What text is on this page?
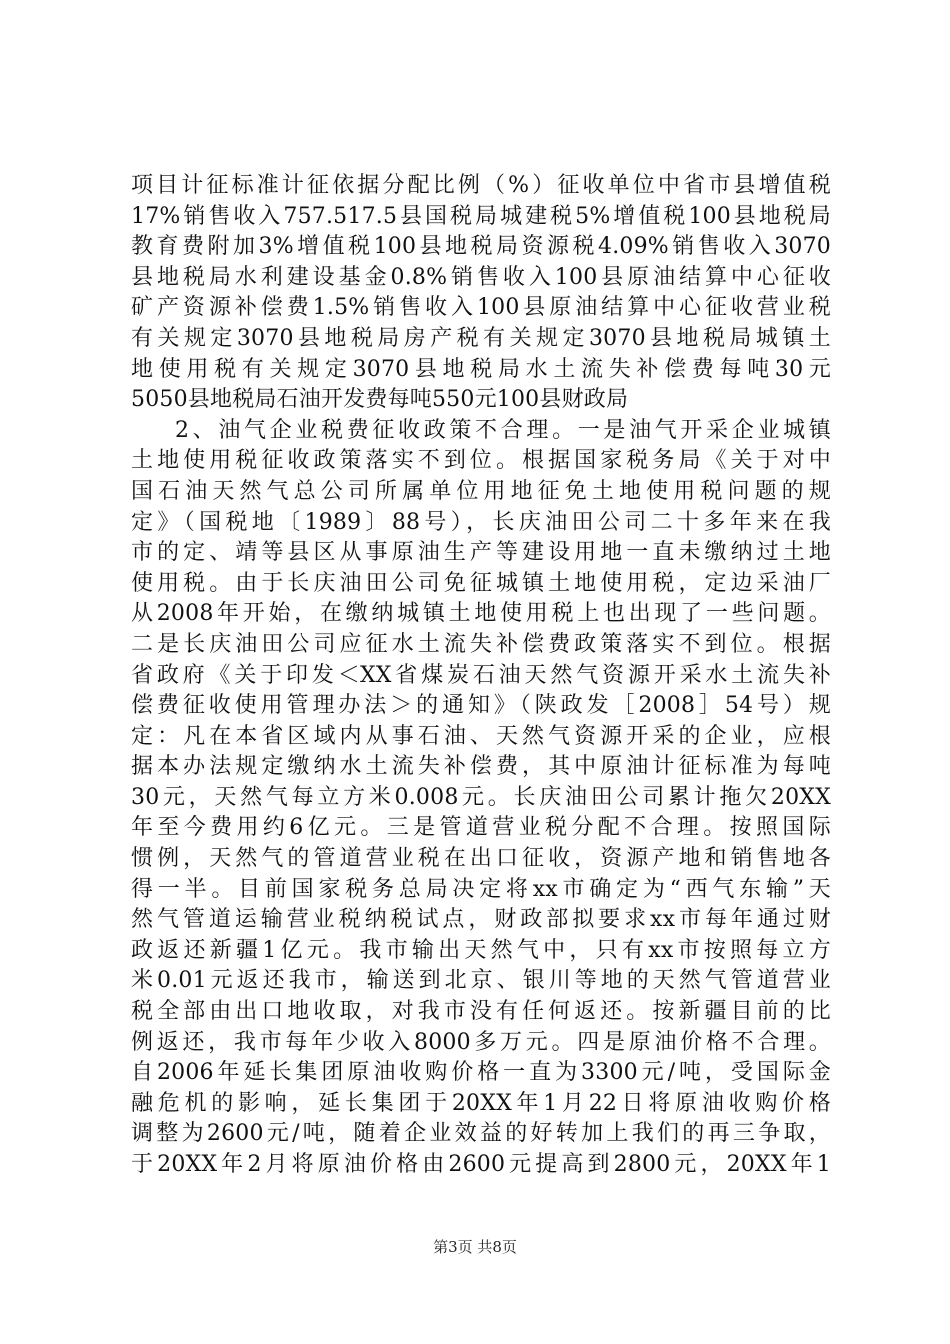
项目计征标准计征依据分配比例（%）征收单位中省市县增值税
17%销售收入757.517.5县国税局城建税5%增值税100县地税局
教育费附加3%增值税100县地税局资源税4.09%销售收入3070
县地税局水利建设基金0.8%销售收入100县原油结算中心征收
矿产资源补偿费1.5%销售收入100县原油结算中心征收营业税
有关规定3070县地税局房产税有关规定3070县地税局城镇土
地使用税有关规定3070县地税局水土流失补偿费每吨30元
5050县地税局石油开发费每吨550元100县财政局
2、油气企业税费征收政策不合理。一是油气开采企业城镇
土地使用税征收政策落实不到位。根据国家税务局《关于对中
国石油天然气总公司所属单位用地征免土地使用税问题的规
定》（国税地〔1989〕88号），长庆油田公司二十多年来在我
市的定、靖等县区从事原油生产等建设用地一直未缴纳过土地
使用税。由于长庆油田公司免征城镇土地使用税，定边采油厂
从2008年开始，在缴纳城镇土地使用税上也出现了一些问题。
二是长庆油田公司应征水土流失补偿费政策落实不到位。根据
省政府《关于印发＜XX省煤炭石油天然气资源开采水土流失补
偿费征收使用管理办法＞的通知》（陕政发［2008］54号）规
定：凡在本省区域内从事石油、天然气资源开采的企业，应根
据本办法规定缴纳水土流失补偿费，其中原油计征标准为每吨
30元，天然气每立方米0.008元。长庆油田公司累计拖欠20XX
年至今费用约6亿元。三是管道营业税分配不合理。按照国际
惯例，天然气的管道营业税在出口征收，资源产地和销售地各
得一半。目前国家税务总局决定将xx市确定为“西气东输”天
然气管道运输营业税纳税试点，财政部拟要求xx市每年通过财
政返还新疆1亿元。我市输出天然气中，只有xx市按照每立方
米0.01元返还我市，输送到北京、银川等地的天然气管道营业
税全部由出口地收取，对我市没有任何返还。按新疆目前的比
例返还，我市每年少收入8000多万元。四是原油价格不合理。
自2006年延长集团原油收购价格一直为3300元/吨，受国际金
融危机的影响，延长集团于20XX年1月22日将原油收购价格
调整为2600元/吨，随着企业效益的好转加上我们的再三争取，
于20XX年2月将原油价格由2600元提高到2800元，20XX年1
第3页 共8页
